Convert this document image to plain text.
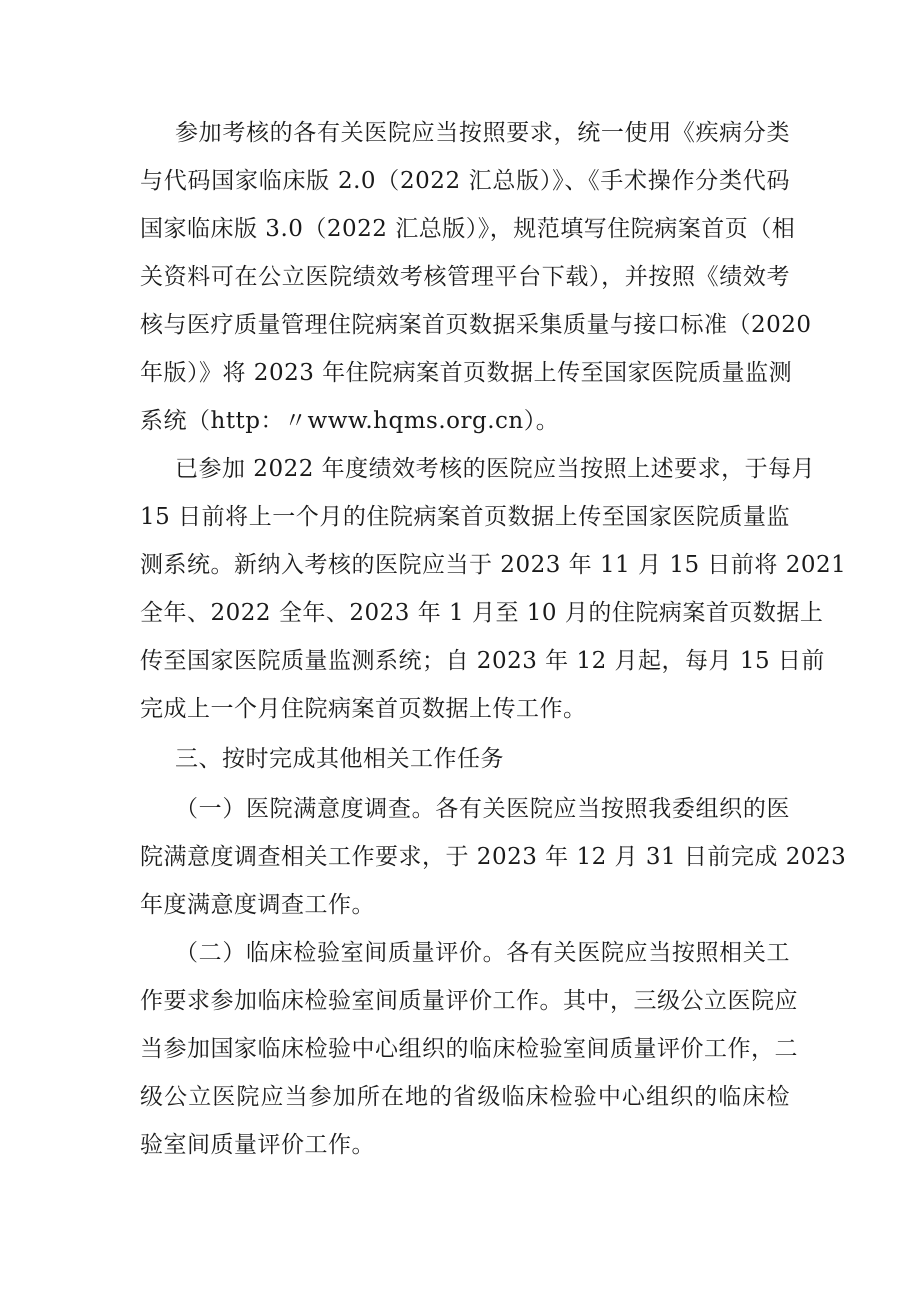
参加考核的各有关医院应当按照要求，统一使用《疾病分类
与代码国家临床版 2.0（2022 汇总版）》、《手术操作分类代码
国家临床版 3.0（2022 汇总版）》，规范填写住院病案首页（相
关资料可在公立医院绩效考核管理平台下载），并按照《绩效考
核与医疗质量管理住院病案首页数据采集质量与接口标准（2020
年版）》将 2023 年住院病案首页数据上传至国家医院质量监测
系统（http：〃www.hqms.org.cn）。
已参加 2022 年度绩效考核的医院应当按照上述要求，于每月
15 日前将上一个月的住院病案首页数据上传至国家医院质量监
测系统。新纳入考核的医院应当于 2023 年 11 月 15 日前将 2021
全年、2022 全年、2023 年 1 月至 10 月的住院病案首页数据上
传至国家医院质量监测系统；自 2023 年 12 月起，每月 15 日前
完成上一个月住院病案首页数据上传工作。
三、按时完成其他相关工作任务
（一）医院满意度调查。各有关医院应当按照我委组织的医
院满意度调查相关工作要求，于 2023 年 12 月 31 日前完成 2023
年度满意度调查工作。
（二）临床检验室间质量评价。各有关医院应当按照相关工
作要求参加临床检验室间质量评价工作。其中，三级公立医院应
当参加国家临床检验中心组织的临床检验室间质量评价工作，二
级公立医院应当参加所在地的省级临床检验中心组织的临床检
验室间质量评价工作。
